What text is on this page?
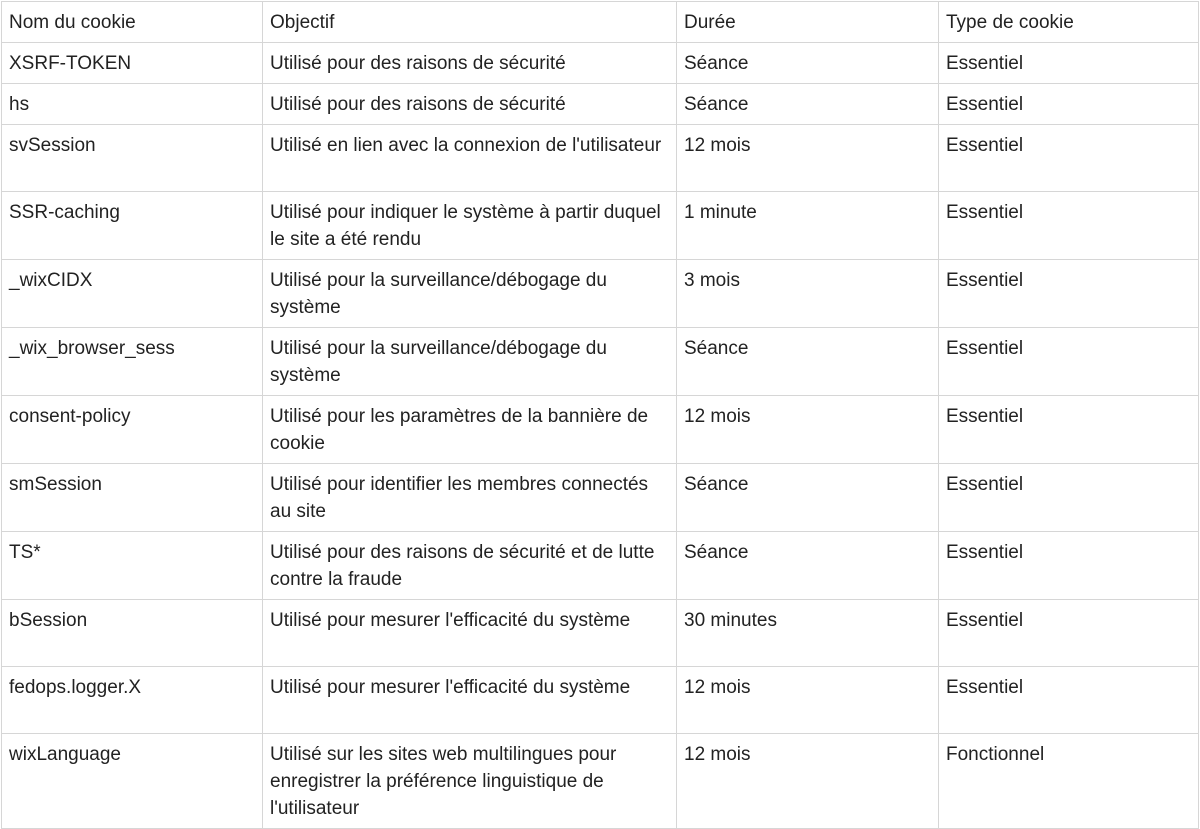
Nom du cookie	Objectif	Durée	Type de cookie
XSRF-TOKEN	Utilisé pour des raisons de sécurité	Séance	Essentiel
hs	Utilisé pour des raisons de sécurité	Séance	Essentiel
svSession	Utilisé en lien avec la connexion de l'utilisateur	12 mois	Essentiel
SSR-caching	Utilisé pour indiquer le système à partir duquel le site a été rendu	1 minute	Essentiel
_wixCIDX	Utilisé pour la surveillance/débogage du système	3 mois	Essentiel
_wix_browser_sess	Utilisé pour la surveillance/débogage du système	Séance	Essentiel
consent-policy	Utilisé pour les paramètres de la bannière de cookie	12 mois	Essentiel
smSession	Utilisé pour identifier les membres connectés au site	Séance	Essentiel
TS*	Utilisé pour des raisons de sécurité et de lutte contre la fraude	Séance	Essentiel
bSession	Utilisé pour mesurer l'efficacité du système	30 minutes	Essentiel
fedops.logger.X	Utilisé pour mesurer l'efficacité du système	12 mois	Essentiel
wixLanguage	Utilisé sur les sites web multilingues pour enregistrer la préférence linguistique de l'utilisateur	12 mois	Fonctionnel
